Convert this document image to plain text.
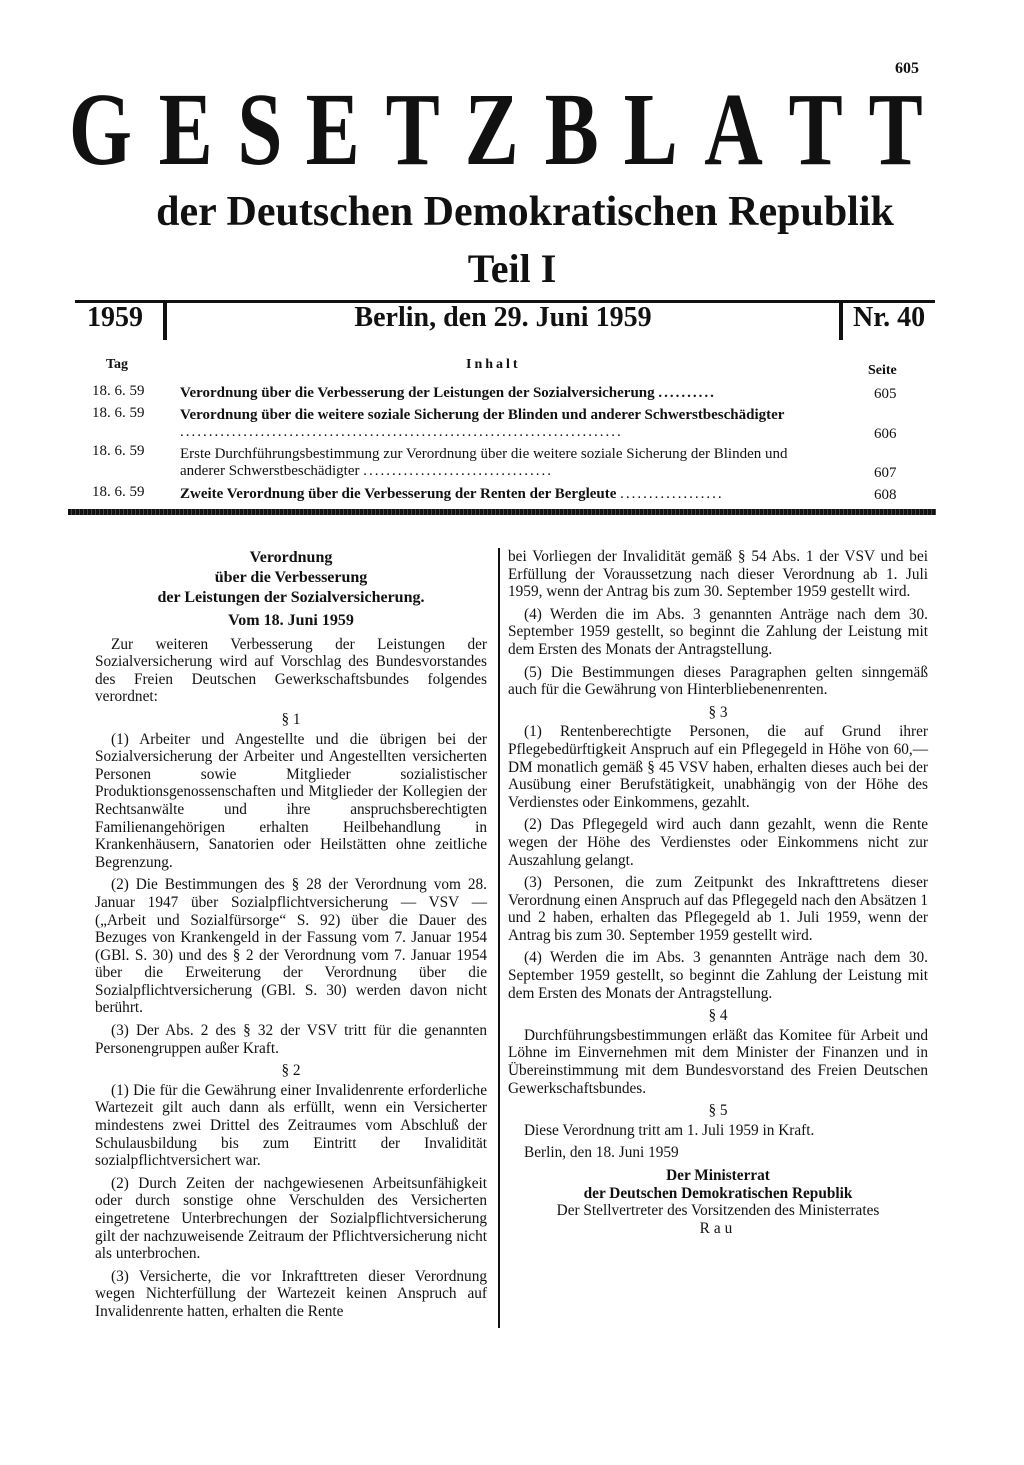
605
G E S E T Z B L A T T
der Deutschen Demokratischen Republik
Teil I
1959	Berlin, den 29. Juni 1959	Nr. 40
Tag	Inhalt	Seite
18. 6. 59 Verordnung über die Verbesserung der Leistungen der Sozialversicherung ..........	605
18. 6. 59 Verordnung über die weitere soziale Sicherung der Blinden und anderer Schwerstbeschädigter .............................................................................	606
18. 6. 59 Erste Durchführungsbestimmung zur Verordnung über die weitere soziale Sicherung der Blinden und anderer Schwerstbeschädigter .................................	607
18. 6. 59 Zweite Verordnung über die Verbesserung der Renten der Bergleute ..................	608

Verordnung

über die Verbesserung

der Leistungen der Sozialversicherung.

Vom 18. Juni 1959

Zur weiteren Verbesserung der Leistungen der Sozialversicherung wird auf Vorschlag des Bundesvorstandes des Freien Deutschen Gewerkschaftsbundes folgendes verordnet:

§ 1

(1) Arbeiter und Angestellte und die übrigen bei der Sozialversicherung der Arbeiter und Angestellten versicherten Personen sowie Mitglieder sozialistischer Produktionsgenossenschaften und Mitglieder der Kollegien der Rechtsanwälte und ihre anspruchsberechtigten Familienangehörigen erhalten Heilbehandlung in Krankenhäusern, Sanatorien oder Heilstätten ohne zeitliche Begrenzung.

(2) Die Bestimmungen des § 28 der Verordnung vom 28. Januar 1947 über Sozialpflichtversicherung — VSV — („Arbeit und Sozialfürsorge“ S. 92) über die Dauer des Bezuges von Krankengeld in der Fassung vom 7. Januar 1954 (GBl. S. 30) und des § 2 der Verordnung vom 7. Januar 1954 über die Erweiterung der Verordnung über die Sozialpflichtversicherung (GBl. S. 30) werden davon nicht berührt.

(3) Der Abs. 2 des § 32 der VSV tritt für die genannten Personengruppen außer Kraft.

§ 2

(1) Die für die Gewährung einer Invalidenrente erforderliche Wartezeit gilt auch dann als erfüllt, wenn ein Versicherter mindestens zwei Drittel des Zeitraumes vom Abschluß der Schulausbildung bis zum Eintritt der Invalidität sozialpflichtversichert war.

(2) Durch Zeiten der nachgewiesenen Arbeitsunfähigkeit oder durch sonstige ohne Verschulden des Versicherten eingetretene Unterbrechungen der Sozialpflichtversicherung gilt der nachzuweisende Zeitraum der Pflichtversicherung nicht als unterbrochen.

(3) Versicherte, die vor Inkrafttreten dieser Verordnung wegen Nichterfüllung der Wartezeit keinen Anspruch auf Invalidenrente hatten, erhalten die Rente

bei Vorliegen der Invalidität gemäß § 54 Abs. 1 der VSV und bei Erfüllung der Voraussetzung nach dieser Verordnung ab 1. Juli 1959, wenn der Antrag bis zum 30. September 1959 gestellt wird.

(4) Werden die im Abs. 3 genannten Anträge nach dem 30. September 1959 gestellt, so beginnt die Zahlung der Leistung mit dem Ersten des Monats der Antragstellung.

(5) Die Bestimmungen dieses Paragraphen gelten sinngemäß auch für die Gewährung von Hinterbliebenenrenten.

§ 3

(1) Rentenberechtigte Personen, die auf Grund ihrer Pflegebedürftigkeit Anspruch auf ein Pflegegeld in Höhe von 60,— DM monatlich gemäß § 45 VSV haben, erhalten dieses auch bei der Ausübung einer Berufstätigkeit, unabhängig von der Höhe des Verdienstes oder Einkommens, gezahlt.

(2) Das Pflegegeld wird auch dann gezahlt, wenn die Rente wegen der Höhe des Verdienstes oder Einkommens nicht zur Auszahlung gelangt.

(3) Personen, die zum Zeitpunkt des Inkrafttretens dieser Verordnung einen Anspruch auf das Pflegegeld nach den Absätzen 1 und 2 haben, erhalten das Pflegegeld ab 1. Juli 1959, wenn der Antrag bis zum 30. September 1959 gestellt wird.

(4) Werden die im Abs. 3 genannten Anträge nach dem 30. September 1959 gestellt, so beginnt die Zahlung der Leistung mit dem Ersten des Monats der Antragstellung.

§ 4

Durchführungsbestimmungen erläßt das Komitee für Arbeit und Löhne im Einvernehmen mit dem Minister der Finanzen und in Übereinstimmung mit dem Bundesvorstand des Freien Deutschen Gewerkschaftsbundes.

§ 5

Diese Verordnung tritt am 1. Juli 1959 in Kraft.

Berlin, den 18. Juni 1959

Der Ministerrat

der Deutschen Demokratischen Republik

Der Stellvertreter des Vorsitzenden des Ministerrates

Rau
